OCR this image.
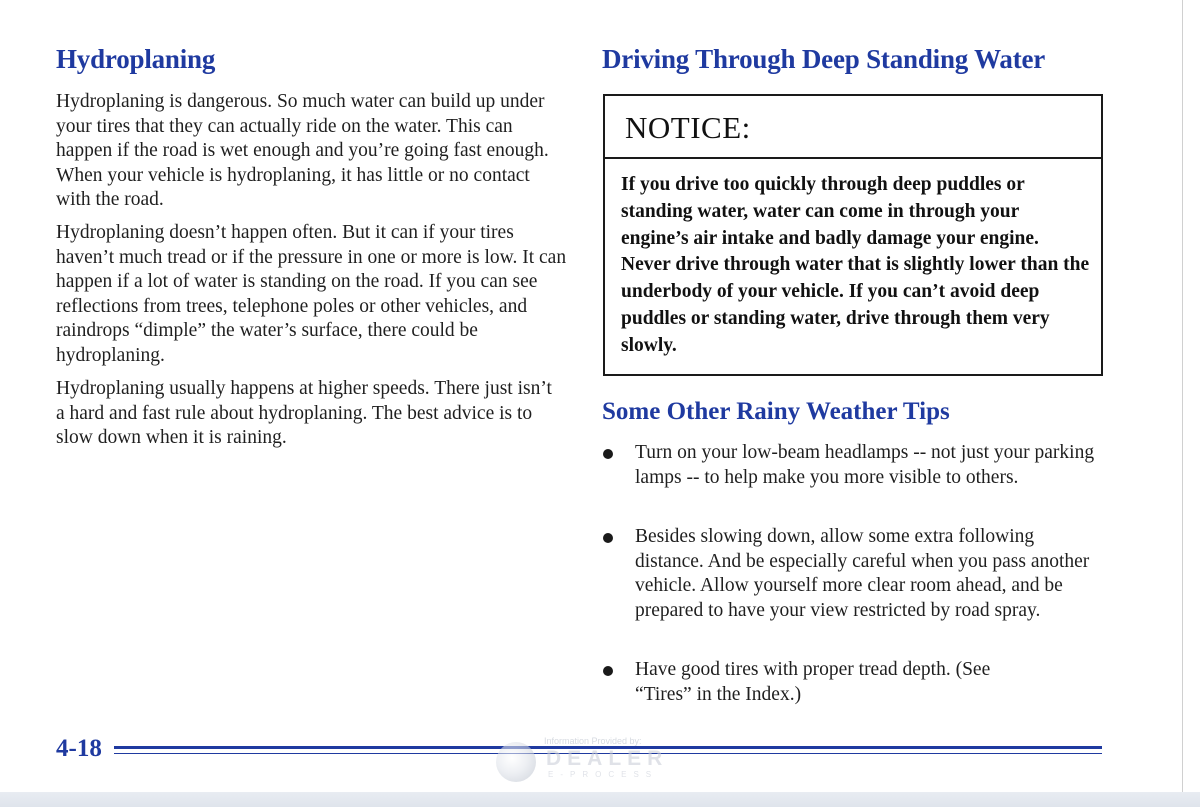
Hydroplaning

Hydroplaning is dangerous. So much water can build up under your tires that they can actually ride on the water. This can happen if the road is wet enough and you’re going fast enough. When your vehicle is hydroplaning, it has little or no contact with the road.

Hydroplaning doesn’t happen often. But it can if your tires haven’t much tread or if the pressure in one or more is low. It can happen if a lot of water is standing on the road. If you can see reflections from trees, telephone poles or other vehicles, and raindrops “dimple” the water’s surface, there could be hydroplaning.

Hydroplaning usually happens at higher speeds. There just isn’t a hard and fast rule about hydroplaning. The best advice is to slow down when it is raining.

Driving Through Deep Standing Water
NOTICE:

If you drive too quickly through deep puddles or standing water, water can come in through your engine’s air intake and badly damage your engine. Never drive through water that is slightly lower than the underbody of your vehicle. If you can’t avoid deep puddles or standing water, drive through them very slowly.

Some Other Rainy Weather Tips

Turn on your low-beam headlamps -- not just your parking lamps -- to help make you more visible to others.

Besides slowing down, allow some extra following distance. And be especially careful when you pass another vehicle. Allow yourself more clear room ahead, and be prepared to have your view restricted by road spray.

Have good tires with proper tread depth. (See “Tires” in the Index.)

4-18	Information Provided by:
DEALER
E-PROCESS
